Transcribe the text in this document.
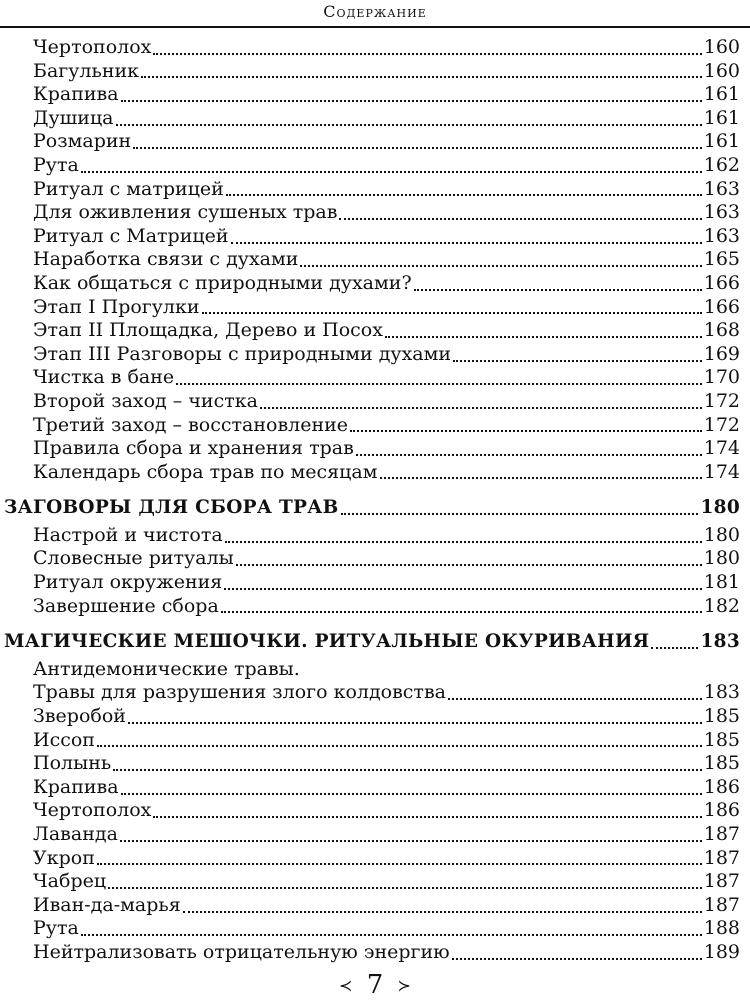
Содержание
Чертополох	160
Багульник	160
Крапива	161
Душица	161
Розмарин	161
Рута	162
Ритуал с матрицей	163
Для оживления сушеных трав	163
Ритуал с Матрицей	163
Наработка связи с духами	165
Как общаться с природными духами?	166
Этап I Прогулки	166
Этап II Площадка, Дерево и Посох	168
Этап III Разговоры с природными духами	169
Чистка в бане	170
Второй заход – чистка	172
Третий заход – восстановление	172
Правила сбора и хранения трав	174
Календарь сбора трав по месяцам	174
ЗАГОВОРЫ ДЛЯ СБОРА ТРАВ	180
Настрой и чистота	180
Словесные ритуалы	180
Ритуал окружения	181
Завершение сбора	182
МАГИЧЕСКИЕ МЕШОЧКИ. РИТУАЛЬНЫЕ ОКУРИВАНИЯ	183
Антидемонические травы.
Травы для разрушения злого колдовства	183
Зверобой	185
Иссоп	185
Полынь	185
Крапива	186
Чертополох	186
Лаванда	187
Укроп	187
Чабрец	187
Иван-да-марья	187
Рута	188
Нейтрализовать отрицательную энергию	189
≺ 7 ≻
